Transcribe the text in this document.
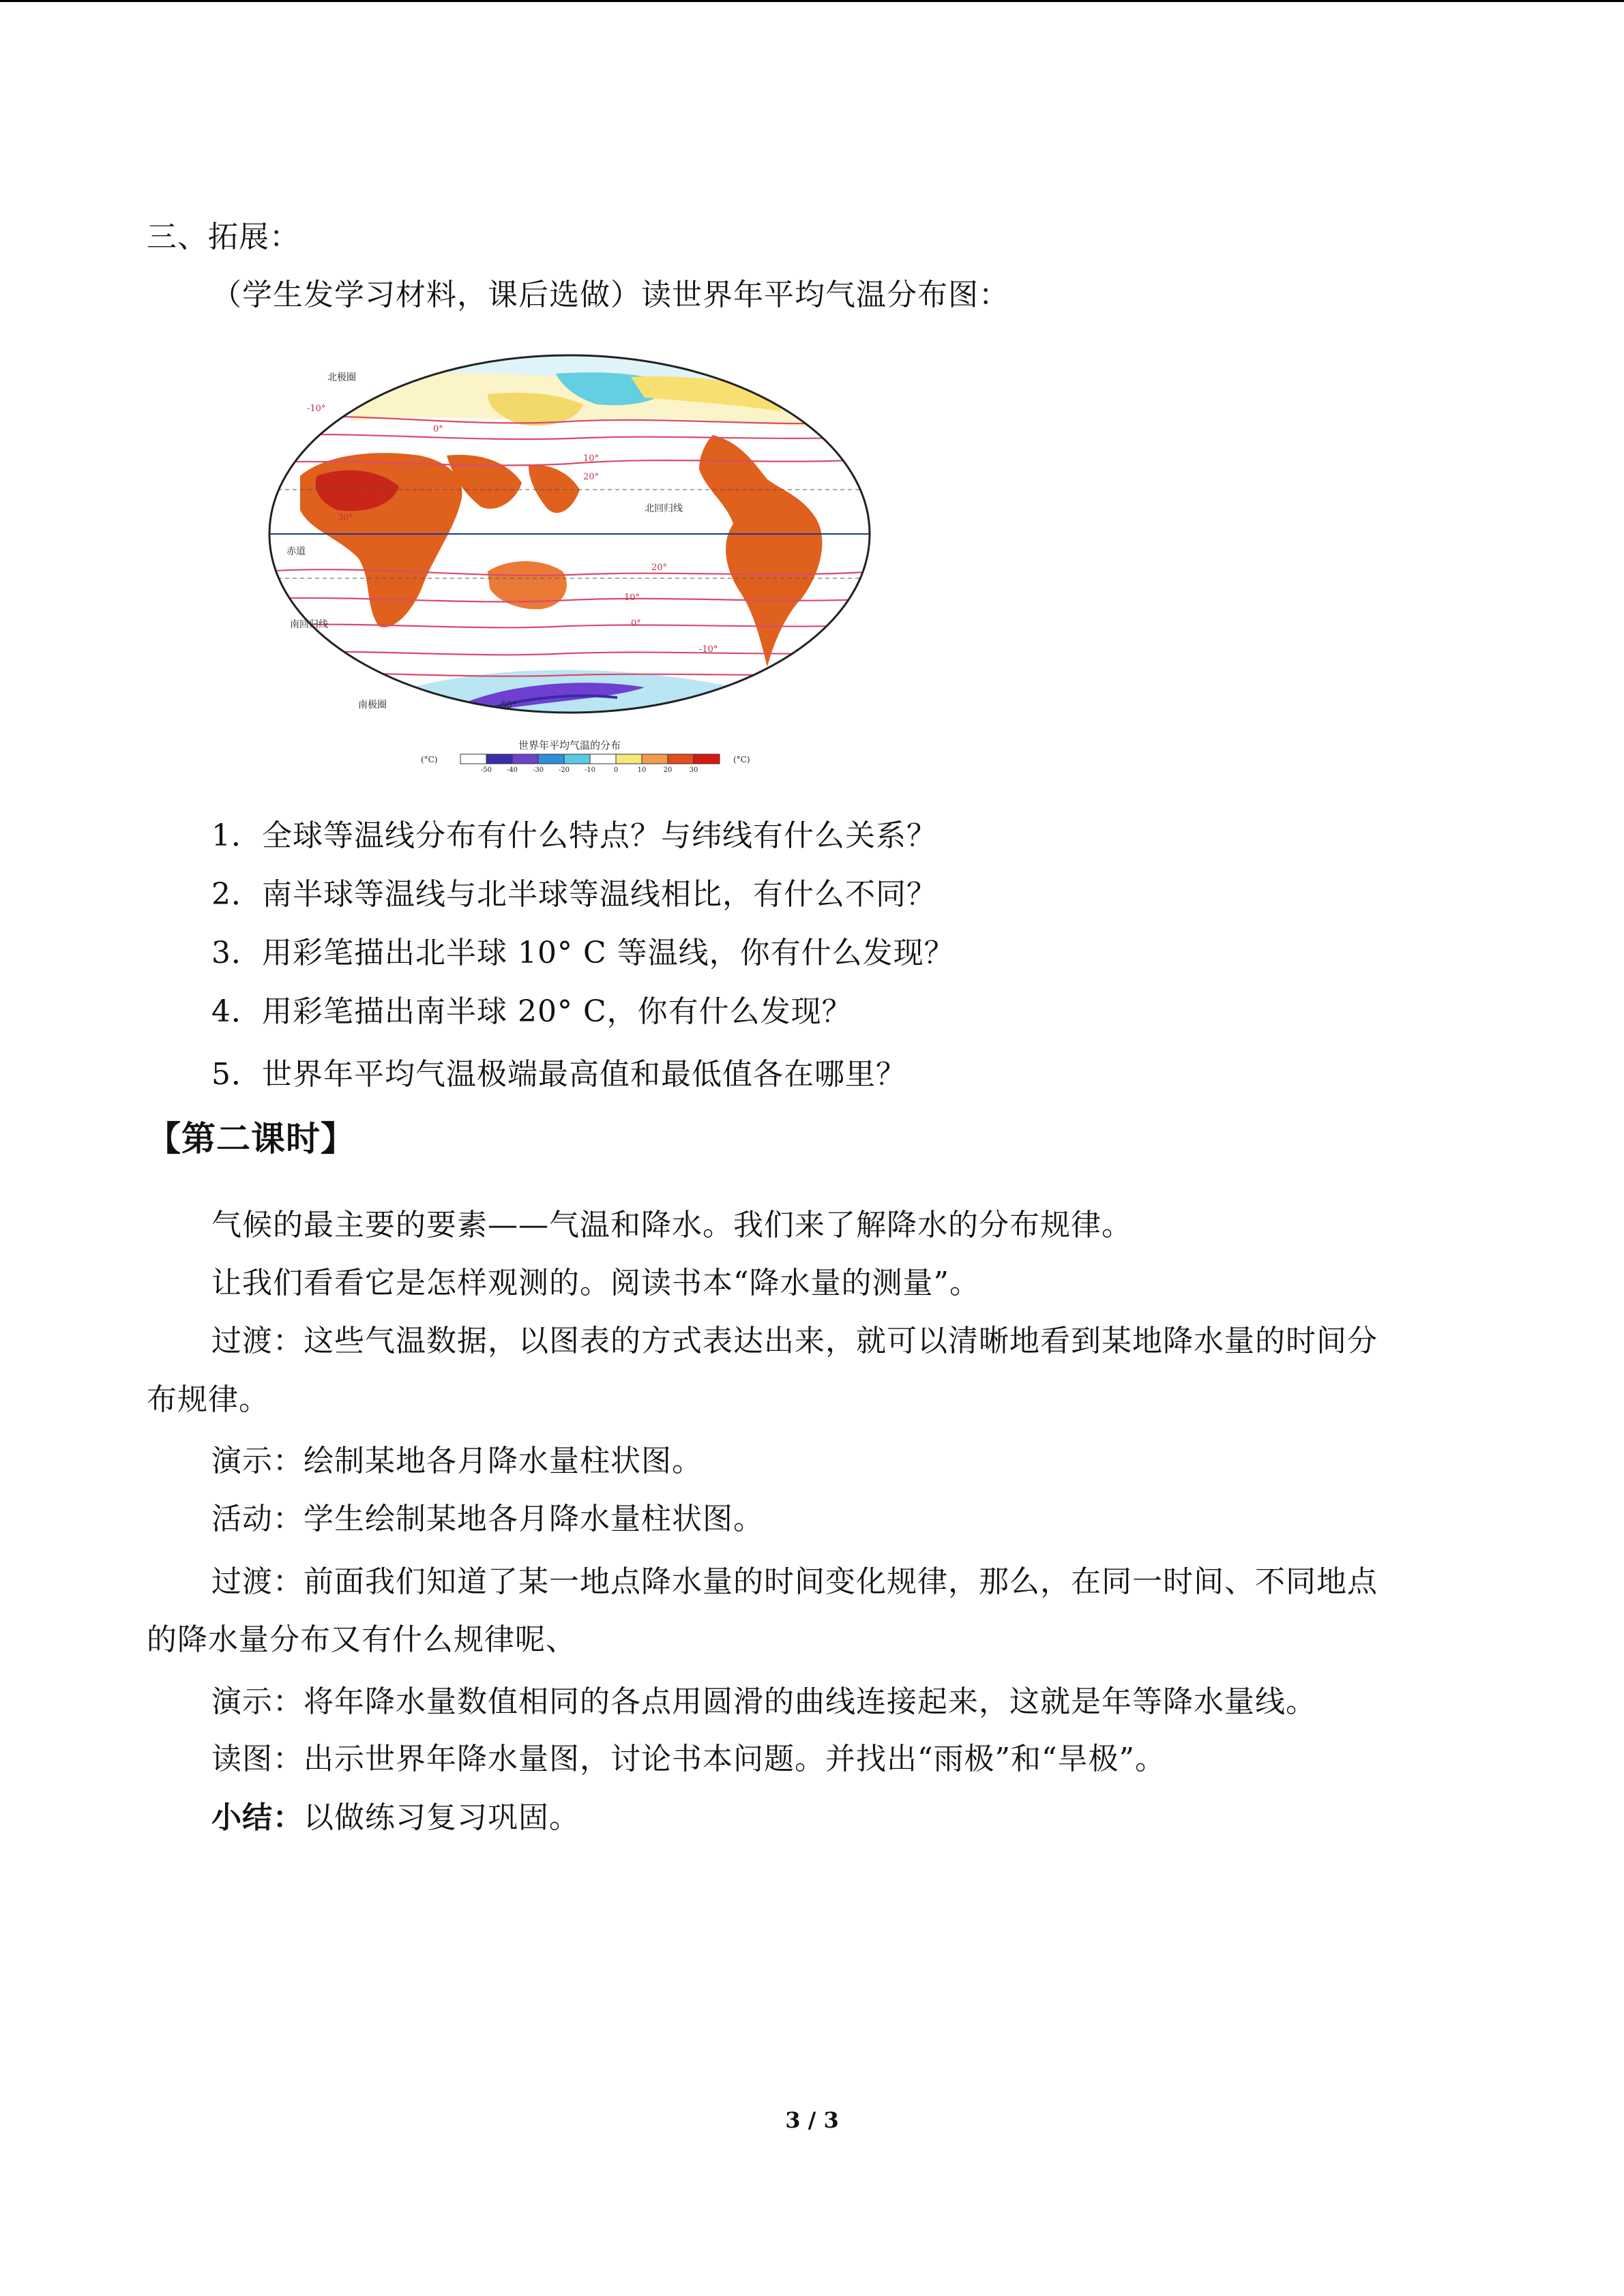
三、拓展：
（学生发学习材料，课后选做）读世界年平均气温分布图：
赤道
北回归线
南回归线
北极圈
南极圈
-10°
0°
10°
20°
30°
20°
10°
0°
-10°
-50°
世界年平均气温的分布
(°C)
-50 -40 -30 -20 -10	0	10	20	30
(°C)
1．全球等温线分布有什么特点？与纬线有什么关系？
2．南半球等温线与北半球等温线相比，有什么不同？
3．用彩笔描出北半球 10° C 等温线，你有什么发现？
4．用彩笔描出南半球 20° C，你有什么发现？
5．世界年平均气温极端最高值和最低值各在哪里？
【第二课时】
气候的最主要的要素——气温和降水。我们来了解降水的分布规律。
让我们看看它是怎样观测的。阅读书本“降水量的测量”。
过渡：这些气温数据，以图表的方式表达出来，就可以清晰地看到某地降水量的时间分
布规律。
演示：绘制某地各月降水量柱状图。
活动：学生绘制某地各月降水量柱状图。
过渡：前面我们知道了某一地点降水量的时间变化规律，那么，在同一时间、不同地点
的降水量分布又有什么规律呢、
演示：将年降水量数值相同的各点用圆滑的曲线连接起来，这就是年等降水量线。
读图：出示世界年降水量图，讨论书本问题。并找出“雨极”和“旱极”。
小结：以做练习复习巩固。
3 / 3
